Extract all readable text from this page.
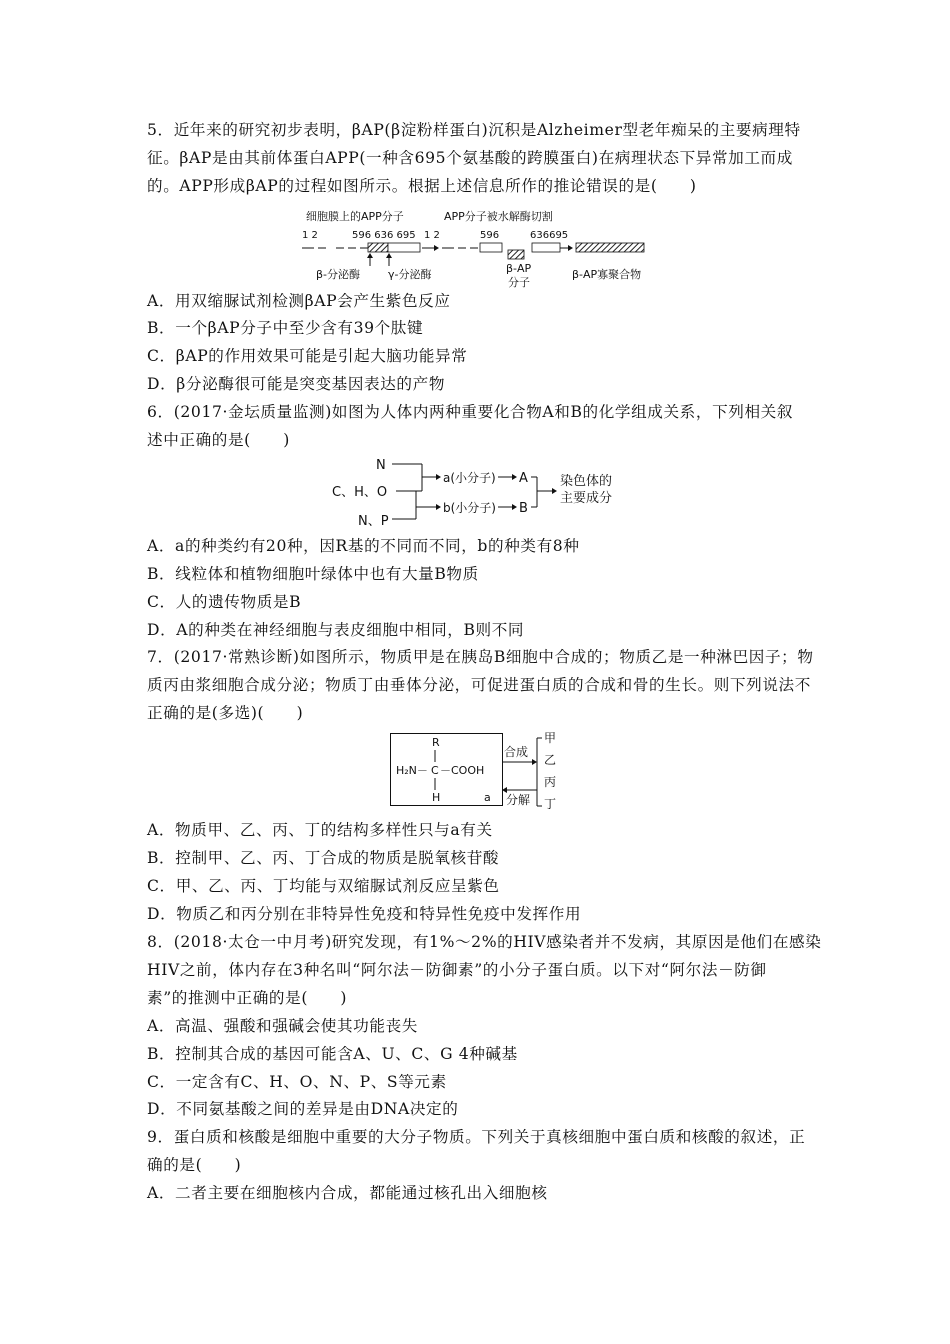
5．近年来的研究初步表明，βAP(β淀粉样蛋白)沉积是Alzheimer型老年痴呆的主要病理特
征。βAP是由其前体蛋白APP(一种含695个氨基酸的跨膜蛋白)在病理状态下异常加工而成
的。APP形成βAP的过程如图所示。根据上述信息所作的推论错误的是(　　)
细胞膜上的APP分子	APP分子被水解酶切割
1 2	596 636 695 1 2	596	636695
β-分泌酶	γ-分泌酶	β-AP
分子
β-AP寡聚合物
A．用双缩脲试剂检测βAP会产生紫色反应
B．一个βAP分子中至少含有39个肽键
C．βAP的作用效果可能是引起大脑功能异常
D．β分泌酶很可能是突变基因表达的产物
6．(2017·金坛质量监测)如图为人体内两种重要化合物A和B的化学组成关系，下列相关叙
述中正确的是(　　)
N
C、H、O
N、P
a(小分子) A
b(小分子) B
染色体的
主要成分
A．a的种类约有20种，因R基的不同而不同，b的种类有8种
B．线粒体和植物细胞叶绿体中也有大量B物质
C．人的遗传物质是B
D．A的种类在神经细胞与表皮细胞中相同，B则不同
7．(2017·常熟诊断)如图所示，物质甲是在胰岛B细胞中合成的；物质乙是一种淋巴因子；物
质丙由浆细胞合成分泌；物质丁由垂体分泌，可促进蛋白质的合成和骨的生长。则下列说法不
正确的是(多选)(　　)
R
H₂N－ C －COOH
H	a
合成
分解
甲
乙
丙
丁
A．物质甲、乙、丙、丁的结构多样性只与a有关
B．控制甲、乙、丙、丁合成的物质是脱氧核苷酸
C．甲、乙、丙、丁均能与双缩脲试剂反应呈紫色
D．物质乙和丙分别在非特异性免疫和特异性免疫中发挥作用
8．(2018·太仓一中月考)研究发现，有1%～2%的HIV感染者并不发病，其原因是他们在感染
HIV之前，体内存在3种名叫“阿尔法－防御素”的小分子蛋白质。以下对“阿尔法－防御
素”的推测中正确的是(　　)
A．高温、强酸和强碱会使其功能丧失
B．控制其合成的基因可能含A、U、C、G 4种碱基
C．一定含有C、H、O、N、P、S等元素
D．不同氨基酸之间的差异是由DNA决定的
9．蛋白质和核酸是细胞中重要的大分子物质。下列关于真核细胞中蛋白质和核酸的叙述，正
确的是(　　)
A．二者主要在细胞核内合成，都能通过核孔出入细胞核
